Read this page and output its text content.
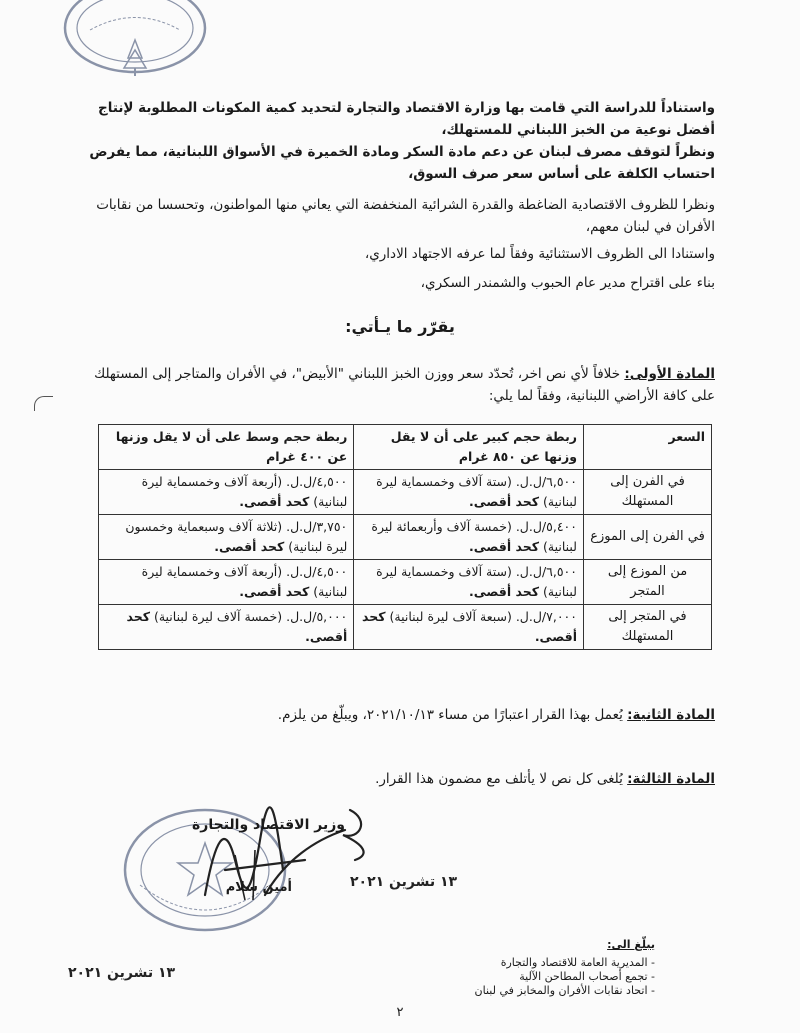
واستناداً للدراسة التي قامت بها وزارة الاقتصاد والتجارة لتحديد كمية المكونات المطلوبة لإنتاج أفضل نوعية من الخبز اللبناني للمستهلك،
ونظراً لتوقف مصرف لبنان عن دعم مادة السكر ومادة الخميرة في الأسواق اللبنانية، مما يفرض احتساب الكلفة على أساس سعر صرف السوق،
ونظرا للظروف الاقتصادية الضاغطة والقدرة الشرائية المنخفضة التي يعاني منها المواطنون، وتحسسا من نقابات الأفران في لبنان معهم،
واستنادا الى الظروف الاستثنائية وفقاً لما عرفه الاجتهاد الاداري،
بناء على اقتراح مدير عام الحبوب والشمندر السكري،
يقرّر ما يـأتي:
المادة الأولى: خلافاً لأي نص اخر، تُحدّد سعر ووزن الخبز اللبناني "الأبيض"، في الأفران والمتاجر إلى المستهلك على كافة الأراضي اللبنانية، وفقاً لما يلي:
السعر	ربطة حجم كبير على أن لا يقل وزنها عن ٨٥٠ غرام	ربطة حجم وسط على أن لا يقل وزنها عن ٤٠٠ غرام
في الفرن إلى المستهلك	٦,٥٠٠/ل.ل. (ستة آلاف وخمسماية ليرة لبنانية) كحد أقصى.	٤,٥٠٠/ل.ل. (أربعة آلاف وخمسماية ليرة لبنانية) كحد أقصى.
في الفرن إلى الموزع	٥,٤٠٠/ل.ل. (خمسة آلاف وأربعمائة ليرة لبنانية) كحد أقصى.	٣,٧٥٠/ل.ل. (ثلاثة آلاف وسبعماية وخمسون ليرة لبنانية) كحد أقصى.
من الموزع إلى المتجر	٦,٥٠٠/ل.ل. (ستة آلاف وخمسماية ليرة لبنانية) كحد أقصى.	٤,٥٠٠/ل.ل. (أربعة آلاف وخمسماية ليرة لبنانية) كحد أقصى.
في المتجر إلى المستهلك	٧,٠٠٠/ل.ل. (سبعة آلاف ليرة لبنانية) كحد أقصى.	٥,٠٠٠/ل.ل. (خمسة آلاف ليرة لبنانية) كحد أقصى.
المادة الثانية: يُعمل بهذا القرار اعتبارًا من مساء ٢٠٢١/١٠/١٣، ويبلّغ من يلزم.
المادة الثالثة: يُلغى كل نص لا يأتلف مع مضمون هذا القرار.
وزير الاقتصاد والتجارة
أمين سلام	١٣ تشرين ٢٠٢١
١٣ تشرين ٢٠٢١
يبلّغ الى:
- المديرية العامة للاقتصاد والتجارة
- تجمع أصحاب المطاحن الآلية
- اتحاد نقابات الأفران والمخابز في لبنان
٢
